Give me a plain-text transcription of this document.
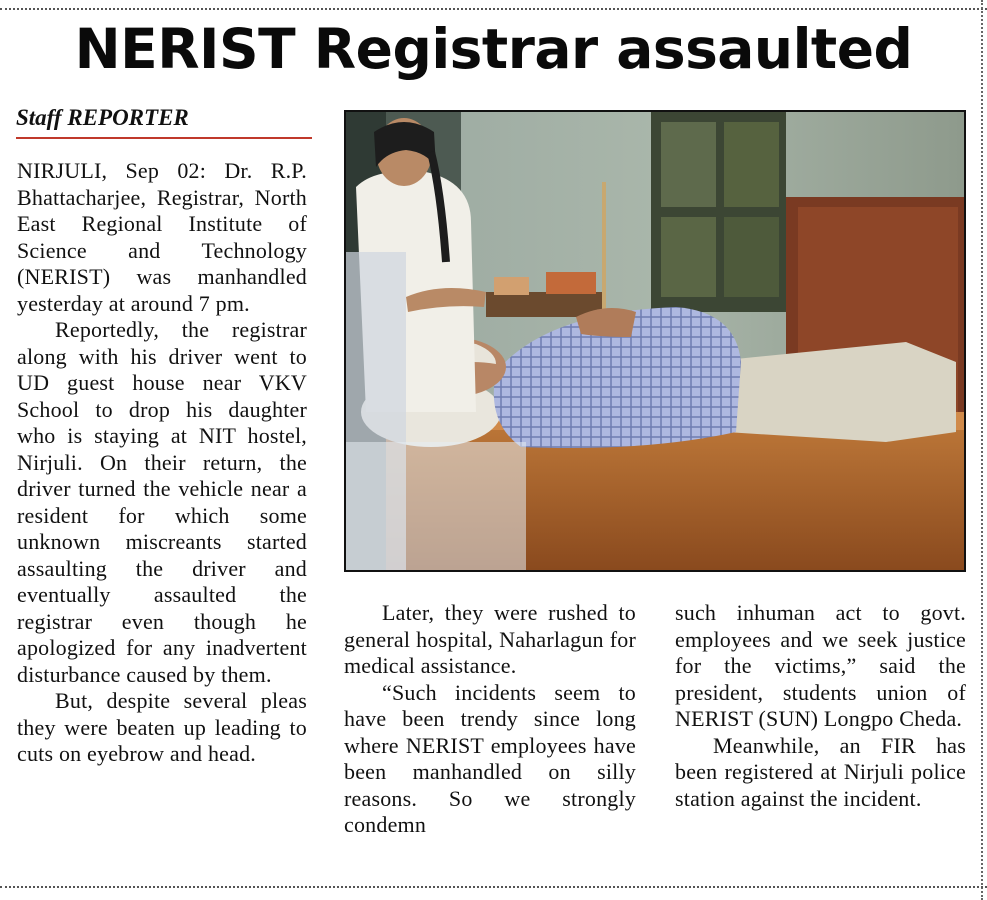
NERIST Registrar assaulted
Staff REPORTER

NIRJULI, Sep 02: Dr. R.P. Bhattacharjee, Registrar, North East Regional Institute of Science and Technology (NERIST) was manhandled yesterday at around 7 pm.

Reportedly, the registrar along with his driver went to UD guest house near VKV School to drop his daughter who is staying at NIT hostel, Nirjuli. On their return, the driver turned the vehicle near a resident for which some unknown miscreants started assaulting the driver and eventually assaulted the registrar even though he apologized for any inadvertent disturbance caused by them.

But, despite several pleas they were beaten up leading to cuts on eyebrow and head.

Later, they were rushed to general hospital, Naharlagun for medical assistance.

“Such incidents seem to have been trendy since long where NERIST employees have been manhandled on silly reasons. So we strongly condemn

such inhuman act to govt. employees and we seek justice for the victims,” said the president, students union of NERIST (SUN) Longpo Cheda.

Meanwhile, an FIR has been registered at Nirjuli police station against the incident.
